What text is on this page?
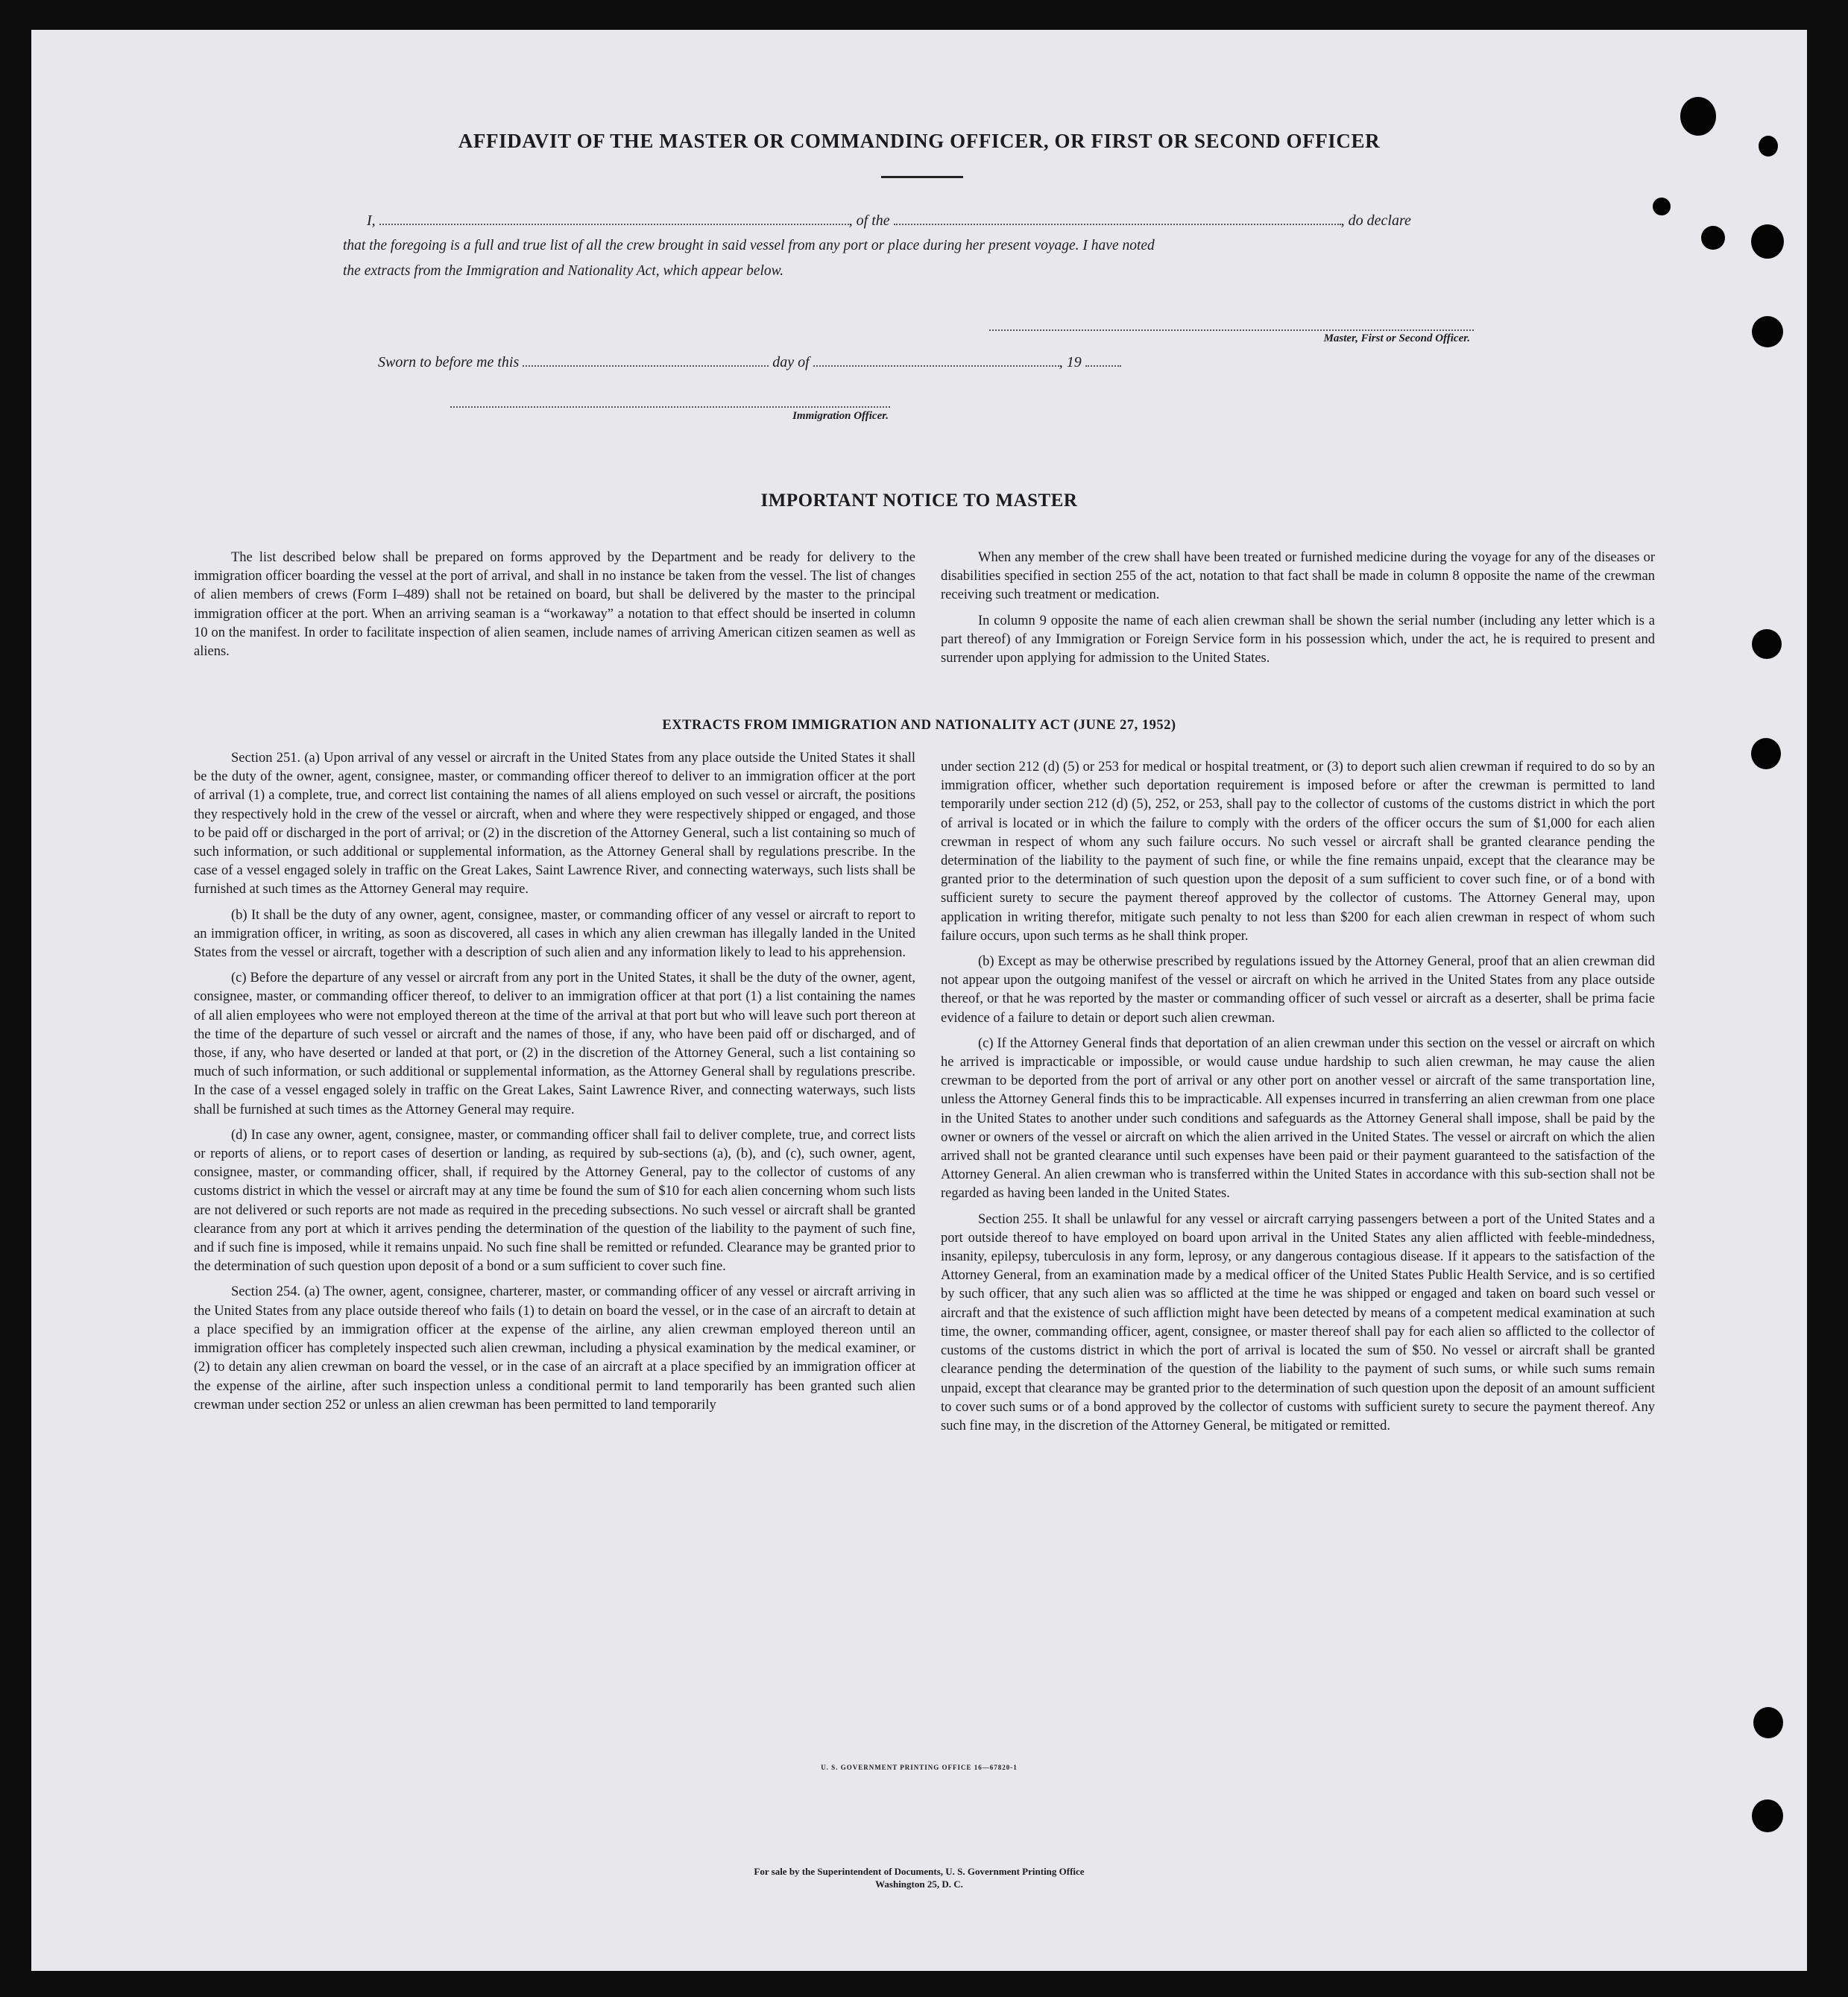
AFFIDAVIT OF THE MASTER OR COMMANDING OFFICER, OR FIRST OR SECOND OFFICER
I,	, of the	, do declare
that the foregoing is a full and true list of all the crew brought in said vessel from any port or place during her present voyage. I have noted
the extracts from the Immigration and Nationality Act, which appear below.
Master, First or Second Officer.
Sworn to before me this	day of	, 19
Immigration Officer.
IMPORTANT NOTICE TO MASTER

The list described below shall be prepared on forms approved by the Department and be ready for delivery to the immigration officer boarding the vessel at the port of arrival, and shall in no instance be taken from the vessel. The list of changes of alien members of crews (Form I–489) shall not be retained on board, but shall be delivered by the master to the principal immigration officer at the port. When an arriving seaman is a “workaway” a notation to that effect should be inserted in column 10 on the manifest. In order to facilitate inspection of alien seamen, include names of arriving American citizen seamen as well as aliens.

When any member of the crew shall have been treated or furnished medicine during the voyage for any of the diseases or disabilities specified in section 255 of the act, notation to that fact shall be made in column 8 opposite the name of the crewman receiving such treatment or medication.

In column 9 opposite the name of each alien crewman shall be shown the serial number (including any letter which is a part thereof) of any Immigration or Foreign Service form in his possession which, under the act, he is required to present and surrender upon applying for admission to the United States.

EXTRACTS FROM IMMIGRATION AND NATIONALITY ACT (JUNE 27, 1952)

Section 251. (a) Upon arrival of any vessel or aircraft in the United States from any place outside the United States it shall be the duty of the owner, agent, consignee, master, or commanding officer thereof to deliver to an immigration officer at the port of arrival (1) a complete, true, and correct list containing the names of all aliens employed on such vessel or aircraft, the positions they respectively hold in the crew of the vessel or aircraft, when and where they were respectively shipped or engaged, and those to be paid off or discharged in the port of arrival; or (2) in the discretion of the Attorney General, such a list containing so much of such information, or such additional or supplemental information, as the Attorney General shall by regulations prescribe. In the case of a vessel engaged solely in traffic on the Great Lakes, Saint Lawrence River, and connecting waterways, such lists shall be furnished at such times as the Attorney General may require.

(b) It shall be the duty of any owner, agent, consignee, master, or commanding officer of any vessel or aircraft to report to an immigration officer, in writing, as soon as discovered, all cases in which any alien crewman has illegally landed in the United States from the vessel or aircraft, together with a description of such alien and any information likely to lead to his apprehension.

(c) Before the departure of any vessel or aircraft from any port in the United States, it shall be the duty of the owner, agent, consignee, master, or commanding officer thereof, to deliver to an immigration officer at that port (1) a list containing the names of all alien employees who were not employed thereon at the time of the arrival at that port but who will leave such port thereon at the time of the departure of such vessel or aircraft and the names of those, if any, who have been paid off or discharged, and of those, if any, who have deserted or landed at that port, or (2) in the discretion of the Attorney General, such a list containing so much of such information, or such additional or supplemental information, as the Attorney General shall by regulations prescribe. In the case of a vessel engaged solely in traffic on the Great Lakes, Saint Lawrence River, and connecting waterways, such lists shall be furnished at such times as the Attorney General may require.

(d) In case any owner, agent, consignee, master, or commanding officer shall fail to deliver complete, true, and correct lists or reports of aliens, or to report cases of desertion or landing, as required by sub-sections (a), (b), and (c), such owner, agent, consignee, master, or commanding officer, shall, if required by the Attorney General, pay to the collector of customs of any customs district in which the vessel or aircraft may at any time be found the sum of $10 for each alien concerning whom such lists are not delivered or such reports are not made as required in the preceding subsections. No such vessel or aircraft shall be granted clearance from any port at which it arrives pending the determination of the question of the liability to the payment of such fine, and if such fine is imposed, while it remains unpaid. No such fine shall be remitted or refunded. Clearance may be granted prior to the determination of such question upon deposit of a bond or a sum sufficient to cover such fine.

Section 254. (a) The owner, agent, consignee, charterer, master, or commanding officer of any vessel or aircraft arriving in the United States from any place outside thereof who fails (1) to detain on board the vessel, or in the case of an aircraft to detain at a place specified by an immigration officer at the expense of the airline, any alien crewman employed thereon until an immigration officer has completely inspected such alien crewman, including a physical examination by the medical examiner, or (2) to detain any alien crewman on board the vessel, or in the case of an aircraft at a place specified by an immigration officer at the expense of the airline, after such inspection unless a conditional permit to land temporarily has been granted such alien crewman under section 252 or unless an alien crewman has been permitted to land temporarily

under section 212 (d) (5) or 253 for medical or hospital treatment, or (3) to deport such alien crewman if required to do so by an immigration officer, whether such deportation requirement is imposed before or after the crewman is permitted to land temporarily under section 212 (d) (5), 252, or 253, shall pay to the collector of customs of the customs district in which the port of arrival is located or in which the failure to comply with the orders of the officer occurs the sum of $1,000 for each alien crewman in respect of whom any such failure occurs. No such vessel or aircraft shall be granted clearance pending the determination of the liability to the payment of such fine, or while the fine remains unpaid, except that the clearance may be granted prior to the determination of such question upon the deposit of a sum sufficient to cover such fine, or of a bond with sufficient surety to secure the payment thereof approved by the collector of customs. The Attorney General may, upon application in writing therefor, mitigate such penalty to not less than $200 for each alien crewman in respect of whom such failure occurs, upon such terms as he shall think proper.

(b) Except as may be otherwise prescribed by regulations issued by the Attorney General, proof that an alien crewman did not appear upon the outgoing manifest of the vessel or aircraft on which he arrived in the United States from any place outside thereof, or that he was reported by the master or commanding officer of such vessel or aircraft as a deserter, shall be prima facie evidence of a failure to detain or deport such alien crewman.

(c) If the Attorney General finds that deportation of an alien crewman under this section on the vessel or aircraft on which he arrived is impracticable or impossible, or would cause undue hardship to such alien crewman, he may cause the alien crewman to be deported from the port of arrival or any other port on another vessel or aircraft of the same transportation line, unless the Attorney General finds this to be impracticable. All expenses incurred in transferring an alien crewman from one place in the United States to another under such conditions and safeguards as the Attorney General shall impose, shall be paid by the owner or owners of the vessel or aircraft on which the alien arrived in the United States. The vessel or aircraft on which the alien arrived shall not be granted clearance until such expenses have been paid or their payment guaranteed to the satisfaction of the Attorney General. An alien crewman who is transferred within the United States in accordance with this sub-section shall not be regarded as having been landed in the United States.

Section 255. It shall be unlawful for any vessel or aircraft carrying passengers between a port of the United States and a port outside thereof to have employed on board upon arrival in the United States any alien afflicted with feeble-mindedness, insanity, epilepsy, tuberculosis in any form, leprosy, or any dangerous contagious disease. If it appears to the satisfaction of the Attorney General, from an examination made by a medical officer of the United States Public Health Service, and is so certified by such officer, that any such alien was so afflicted at the time he was shipped or engaged and taken on board such vessel or aircraft and that the existence of such affliction might have been detected by means of a competent medical examination at such time, the owner, commanding officer, agent, consignee, or master thereof shall pay for each alien so afflicted to the collector of customs of the customs district in which the port of arrival is located the sum of $50. No vessel or aircraft shall be granted clearance pending the determination of the question of the liability to the payment of such sums, or while such sums remain unpaid, except that clearance may be granted prior to the determination of such question upon the deposit of an amount sufficient to cover such sums or of a bond approved by the collector of customs with sufficient surety to secure the payment thereof. Any such fine may, in the discretion of the Attorney General, be mitigated or remitted.

U. S. GOVERNMENT PRINTING OFFICE 16—67820-1
For sale by the Superintendent of Documents, U. S. Government Printing Office
Washington 25, D. C.
